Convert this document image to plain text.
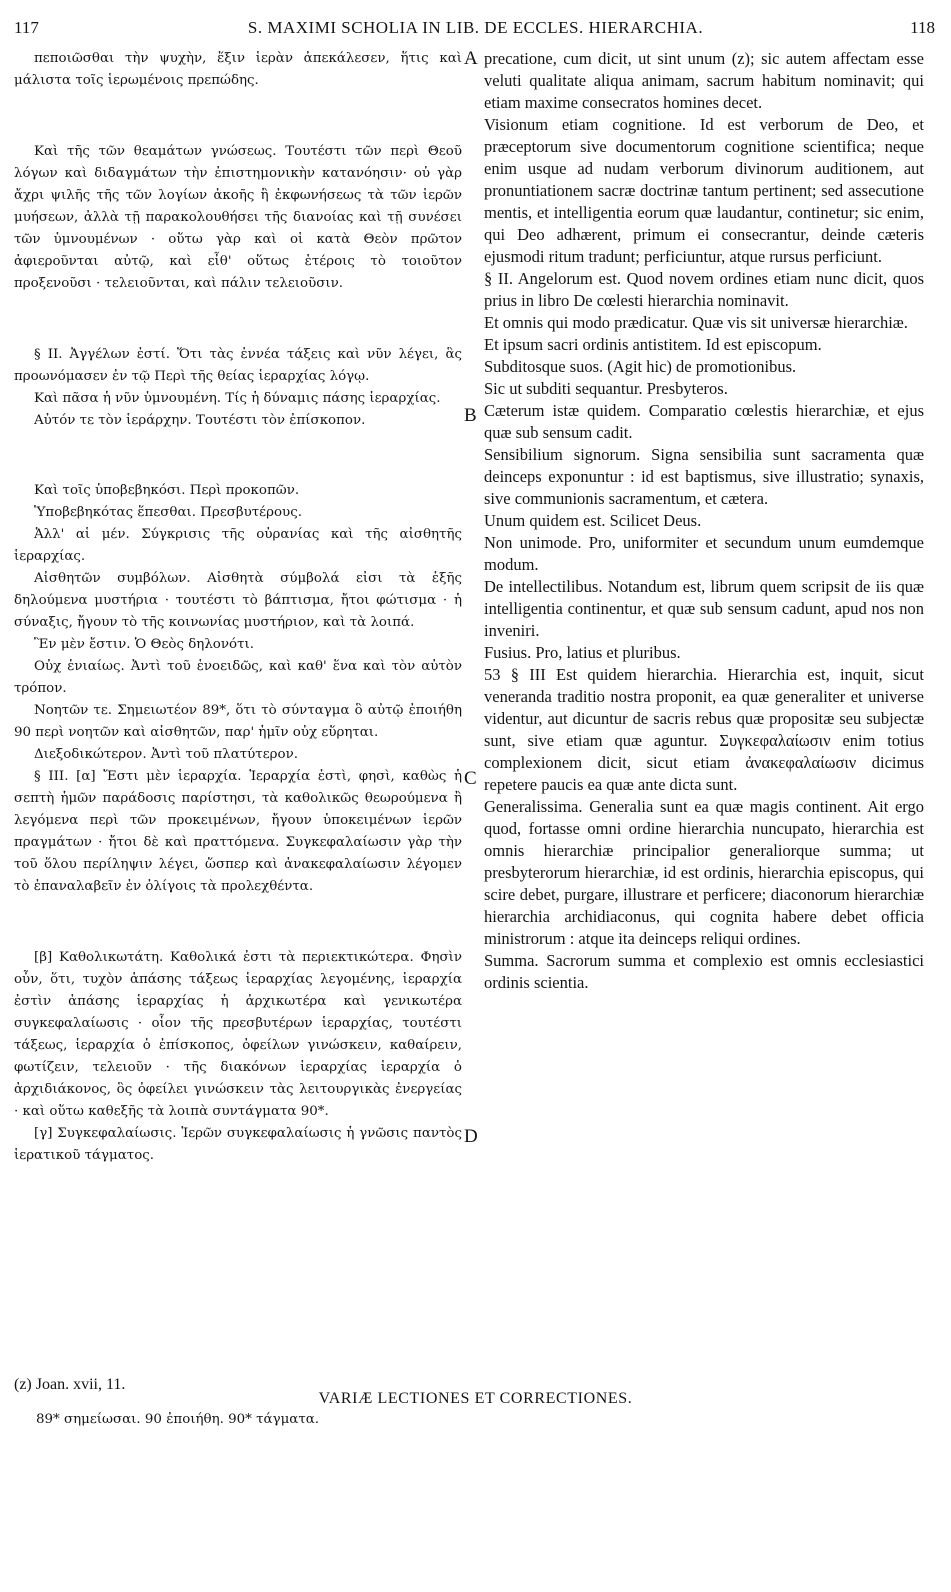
117	S. MAXIMI SCHOLIA IN LIB. DE ECCLES. HIERARCHIA.	118

πεποιῶσθαι τὴν ψυχὴν, ἕξιν ἱερὰν ἀπεκάλεσεν, ἥτις καὶ μάλιστα τοῖς ἱερωμένοις πρεπώδης.

Καὶ τῆς τῶν θεαμάτων γνώσεως. Τουτέστι τῶν περὶ Θεοῦ λόγων καὶ διδαγμάτων τὴν ἐπιστημονικὴν κατανόησιν· οὐ γὰρ ἄχρι ψιλῆς τῆς τῶν λογίων ἀκοῆς ἢ ἐκφωνήσεως τὰ τῶν ἱερῶν μυήσεων, ἀλλὰ τῇ παρακολουθήσει τῆς διανοίας καὶ τῇ συνέσει τῶν ὑμνουμένων · οὕτω γὰρ καὶ οἱ κατὰ Θεὸν πρῶτον ἀφιεροῦνται αὐτῷ, καὶ εἶθ' οὕτως ἑτέροις τὸ τοιοῦτον προξενοῦσι · τελειοῦνται, καὶ πάλιν τελειοῦσιν.

§ II. Ἀγγέλων ἐστί. Ὅτι τὰς ἐννέα τάξεις καὶ νῦν λέγει, ἃς προωνόμασεν ἐν τῷ Περὶ τῆς θείας ἱεραρχίας λόγῳ.

Καὶ πᾶσα ἡ νῦν ὑμνουμένη. Τίς ἡ δύναμις πάσης ἱεραρχίας.

Αὐτόν τε τὸν ἱεράρχην. Τουτέστι τὸν ἐπίσκοπον.

Καὶ τοῖς ὑποβεβηκόσι. Περὶ προκοπῶν.

Ὑποβεβηκότας ἕπεσθαι. Πρεσβυτέρους.

Ἀλλ' αἱ μέν. Σύγκρισις τῆς οὐρανίας καὶ τῆς αἰσθητῆς ἱεραρχίας.

Αἰσθητῶν συμβόλων. Αἰσθητὰ σύμβολά εἰσι τὰ ἑξῆς δηλούμενα μυστήρια · τουτέστι τὸ βάπτισμα, ἤτοι φώτισμα · ἡ σύναξις, ἤγουν τὸ τῆς κοινωνίας μυστήριον, καὶ τὰ λοιπά.

Ἓν μὲν ἔστιν. Ὁ Θεὸς δηλονότι.

Οὐχ ἑνιαίως. Ἀντὶ τοῦ ἑνοειδῶς, καὶ καθ' ἕνα καὶ τὸν αὐτὸν τρόπον.

Νοητῶν τε. Σημειωτέον 89*, ὅτι τὸ σύνταγμα ὃ αὐτῷ ἐποιήθη 90 περὶ νοητῶν καὶ αἰσθητῶν, παρ' ἡμῖν οὐχ εὕρηται.

Διεξοδικώτερον. Ἀντὶ τοῦ πλατύτερον.

§ III. [α] Ἔστι μὲν ἱεραρχία. Ἱεραρχία ἐστὶ, φησὶ, καθὼς ἡ σεπτὴ ἡμῶν παράδοσις παρίστησι, τὰ καθολικῶς θεωρούμενα ἢ λεγόμενα περὶ τῶν προκειμένων, ἤγουν ὑποκειμένων ἱερῶν πραγμάτων · ἤτοι δὲ καὶ πραττόμενα. Συγκεφαλαίωσιν γὰρ τὴν τοῦ ὅλου περίληψιν λέγει, ὥσπερ καὶ ἀνακεφαλαίωσιν λέγομεν τὸ ἐπαναλαβεῖν ἐν ὀλίγοις τὰ προλεχθέντα.

[β] Καθολικωτάτη. Καθολικά ἐστι τὰ περιεκτικώτερα. Φησὶν οὖν, ὅτι, τυχὸν ἁπάσης τάξεως ἱεραρχίας λεγομένης, ἱεραρχία ἐστὶν ἁπάσης ἱεραρχίας ἡ ἀρχικωτέρα καὶ γενικωτέρα συγκεφαλαίωσις · οἷον τῆς πρεσβυτέρων ἱεραρχίας, τουτέστι τάξεως, ἱεραρχία ὁ ἐπίσκοπος, ὀφείλων γινώσκειν, καθαίρειν, φωτίζειν, τελειοῦν · τῆς διακόνων ἱεραρχίας ἱεραρχία ὁ ἀρχιδιάκονος, ὃς ὀφείλει γινώσκειν τὰς λειτουργικὰς ἐνεργείας · καὶ οὕτω καθεξῆς τὰ λοιπὰ συντάγματα 90*.

[γ] Συγκεφαλαίωσις. Ἱερῶν συγκεφαλαίωσις ἡ γνῶσις παντὸς ἱερατικοῦ τάγματος.

precatione, cum dicit, ut sint unum (z); sic autem affectam esse veluti qualitate aliqua animam, sacrum habitum nominavit; qui etiam maxime consecratos homines decet.

Visionum etiam cognitione. Id est verborum de Deo, et præceptorum sive documentorum cognitione scientifica; neque enim usque ad nudam verborum divinorum auditionem, aut pronuntiationem sacræ doctrinæ tantum pertinent; sed assecutione mentis, et intelligentia eorum quæ laudantur, continetur; sic enim, qui Deo adhærent, primum ei consecrantur, deinde cæteris ejusmodi ritum tradunt; perficiuntur, atque rursus perficiunt.

§ II. Angelorum est. Quod novem ordines etiam nunc dicit, quos prius in libro De cœlesti hierarchia nominavit.

Et omnis qui modo prædicatur. Quæ vis sit universæ hierarchiæ.

Et ipsum sacri ordinis antistitem. Id est episcopum.

Subditosque suos. (Agit hic) de promotionibus.

Sic ut subditi sequantur. Presbyteros.

Cæterum istæ quidem. Comparatio cœlestis hierarchiæ, et ejus quæ sub sensum cadit.

Sensibilium signorum. Signa sensibilia sunt sacramenta quæ deinceps exponuntur : id est baptismus, sive illustratio; synaxis, sive communionis sacramentum, et cætera.

Unum quidem est. Scilicet Deus.

Non unimode. Pro, uniformiter et secundum unum eumdemque modum.

De intellectilibus. Notandum est, librum quem scripsit de iis quæ intelligentia continentur, et quæ sub sensum cadunt, apud nos non inveniri.

Fusius. Pro, latius et pluribus.

53 § III Est quidem hierarchia. Hierarchia est, inquit, sicut veneranda traditio nostra proponit, ea quæ generaliter et universe videntur, aut dicuntur de sacris rebus quæ propositæ seu subjectæ sunt, sive etiam quæ aguntur. Συγκεφαλαίωσιν enim totius complexionem dicit, sicut etiam ἀνακεφαλαίωσιν dicimus repetere paucis ea quæ ante dicta sunt.

Generalissima. Generalia sunt ea quæ magis continent. Ait ergo quod, fortasse omni ordine hierarchia nuncupato, hierarchia est omnis hierarchiæ principalior generaliorque summa; ut presbyterorum hierarchiæ, id est ordinis, hierarchia episcopus, qui scire debet, purgare, illustrare et perficere; diaconorum hierarchiæ hierarchia archidiaconus, qui cognita habere debet officia ministrorum : atque ita deinceps reliqui ordines.

Summa. Sacrorum summa et complexio est omnis ecclesiastici ordinis scientia.

A
B
C
D
(z) Joan. xvii, 11.
VARIÆ LECTIONES ET CORRECTIONES.
89* σημείωσαι. 90 ἐποιήθη. 90* τάγματα.
